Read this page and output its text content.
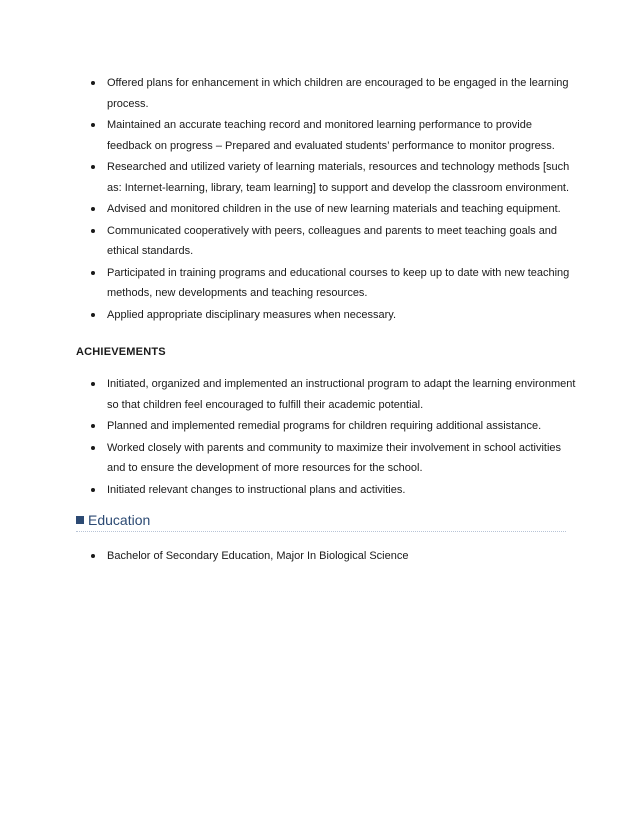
Offered plans for enhancement in which children are encouraged to be engaged in the learning process.
Maintained an accurate teaching record and monitored learning performance to provide feedback on progress – Prepared and evaluated students’ performance to monitor progress.
Researched and utilized variety of learning materials, resources and technology methods [such as: Internet-learning, library, team learning] to support and develop the classroom environment.
Advised and monitored children in the use of new learning materials and teaching equipment.
Communicated cooperatively with peers, colleagues and parents to meet teaching goals and ethical standards.
Participated in training programs and educational courses to keep up to date with new teaching methods, new developments and teaching resources.
Applied appropriate disciplinary measures when necessary.
ACHIEVEMENTS
Initiated, organized and implemented an instructional program to adapt the learning environment so that children feel encouraged to fulfill their academic potential.
Planned and implemented remedial programs for children requiring additional assistance.
Worked closely with parents and community to maximize their involvement in school activities and to ensure the development of more resources for the school.
Initiated relevant changes to instructional plans and activities.
Education
Bachelor of Secondary Education, Major In Biological Science
